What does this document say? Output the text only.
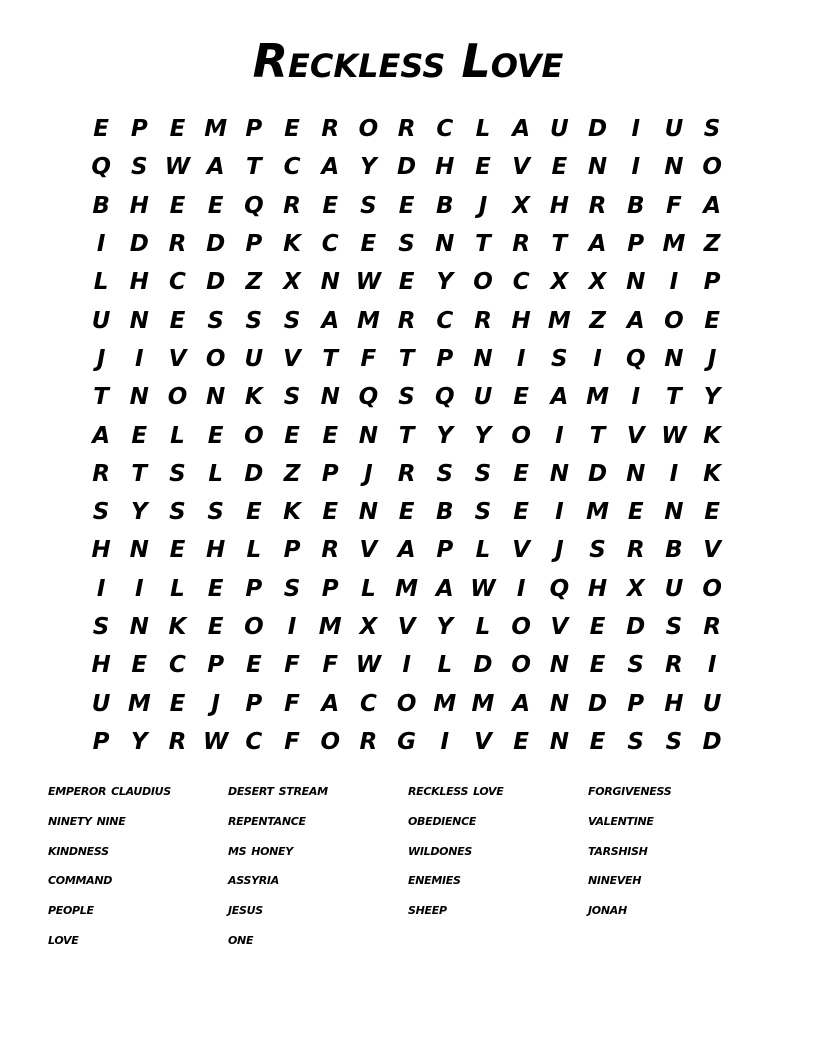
Reckless Love
E P E M P E R O R C L A U D	I	U S
Q S W A T C A Y D H E V E N	I	N O
B H E E Q R E S E B	J	X H R B F A
I	D R D P K C E S N T R T A P M Z
L H C D Z X N W E Y O C X X N	I	P
U N E S S S A M R C R H M Z A O E
J	I	V O U V T F T P N	I	S	I	Q N	J
T N O N K S N Q S Q U E A M I	T Y
A E	L	E O E E N T Y Y O	I	T V W K
R T S L D Z P	J	R S S E N D N	I	K
S Y S S E K E N E B S E	I M E N E
H N E H L P R V A P L V	J	S R B V
I	I	L	E P S P L M A W I	Q H X U O
S N K E O	I M X V Y L O V E D S R
H E C P E F F W I	L D O N E S R	I
U M E	J	P F A C O M M A N D P H U
P Y R W C F O R G	I	V E N E S S D
emperor claudius	desert stream	reckless love	forgiveness
ninety nine	repentance	obedience	valentine
kindness	ms honey	wildones	tarshish
command	assyria	enemies	nineveh
people	jesus	sheep	jonah
love	one
